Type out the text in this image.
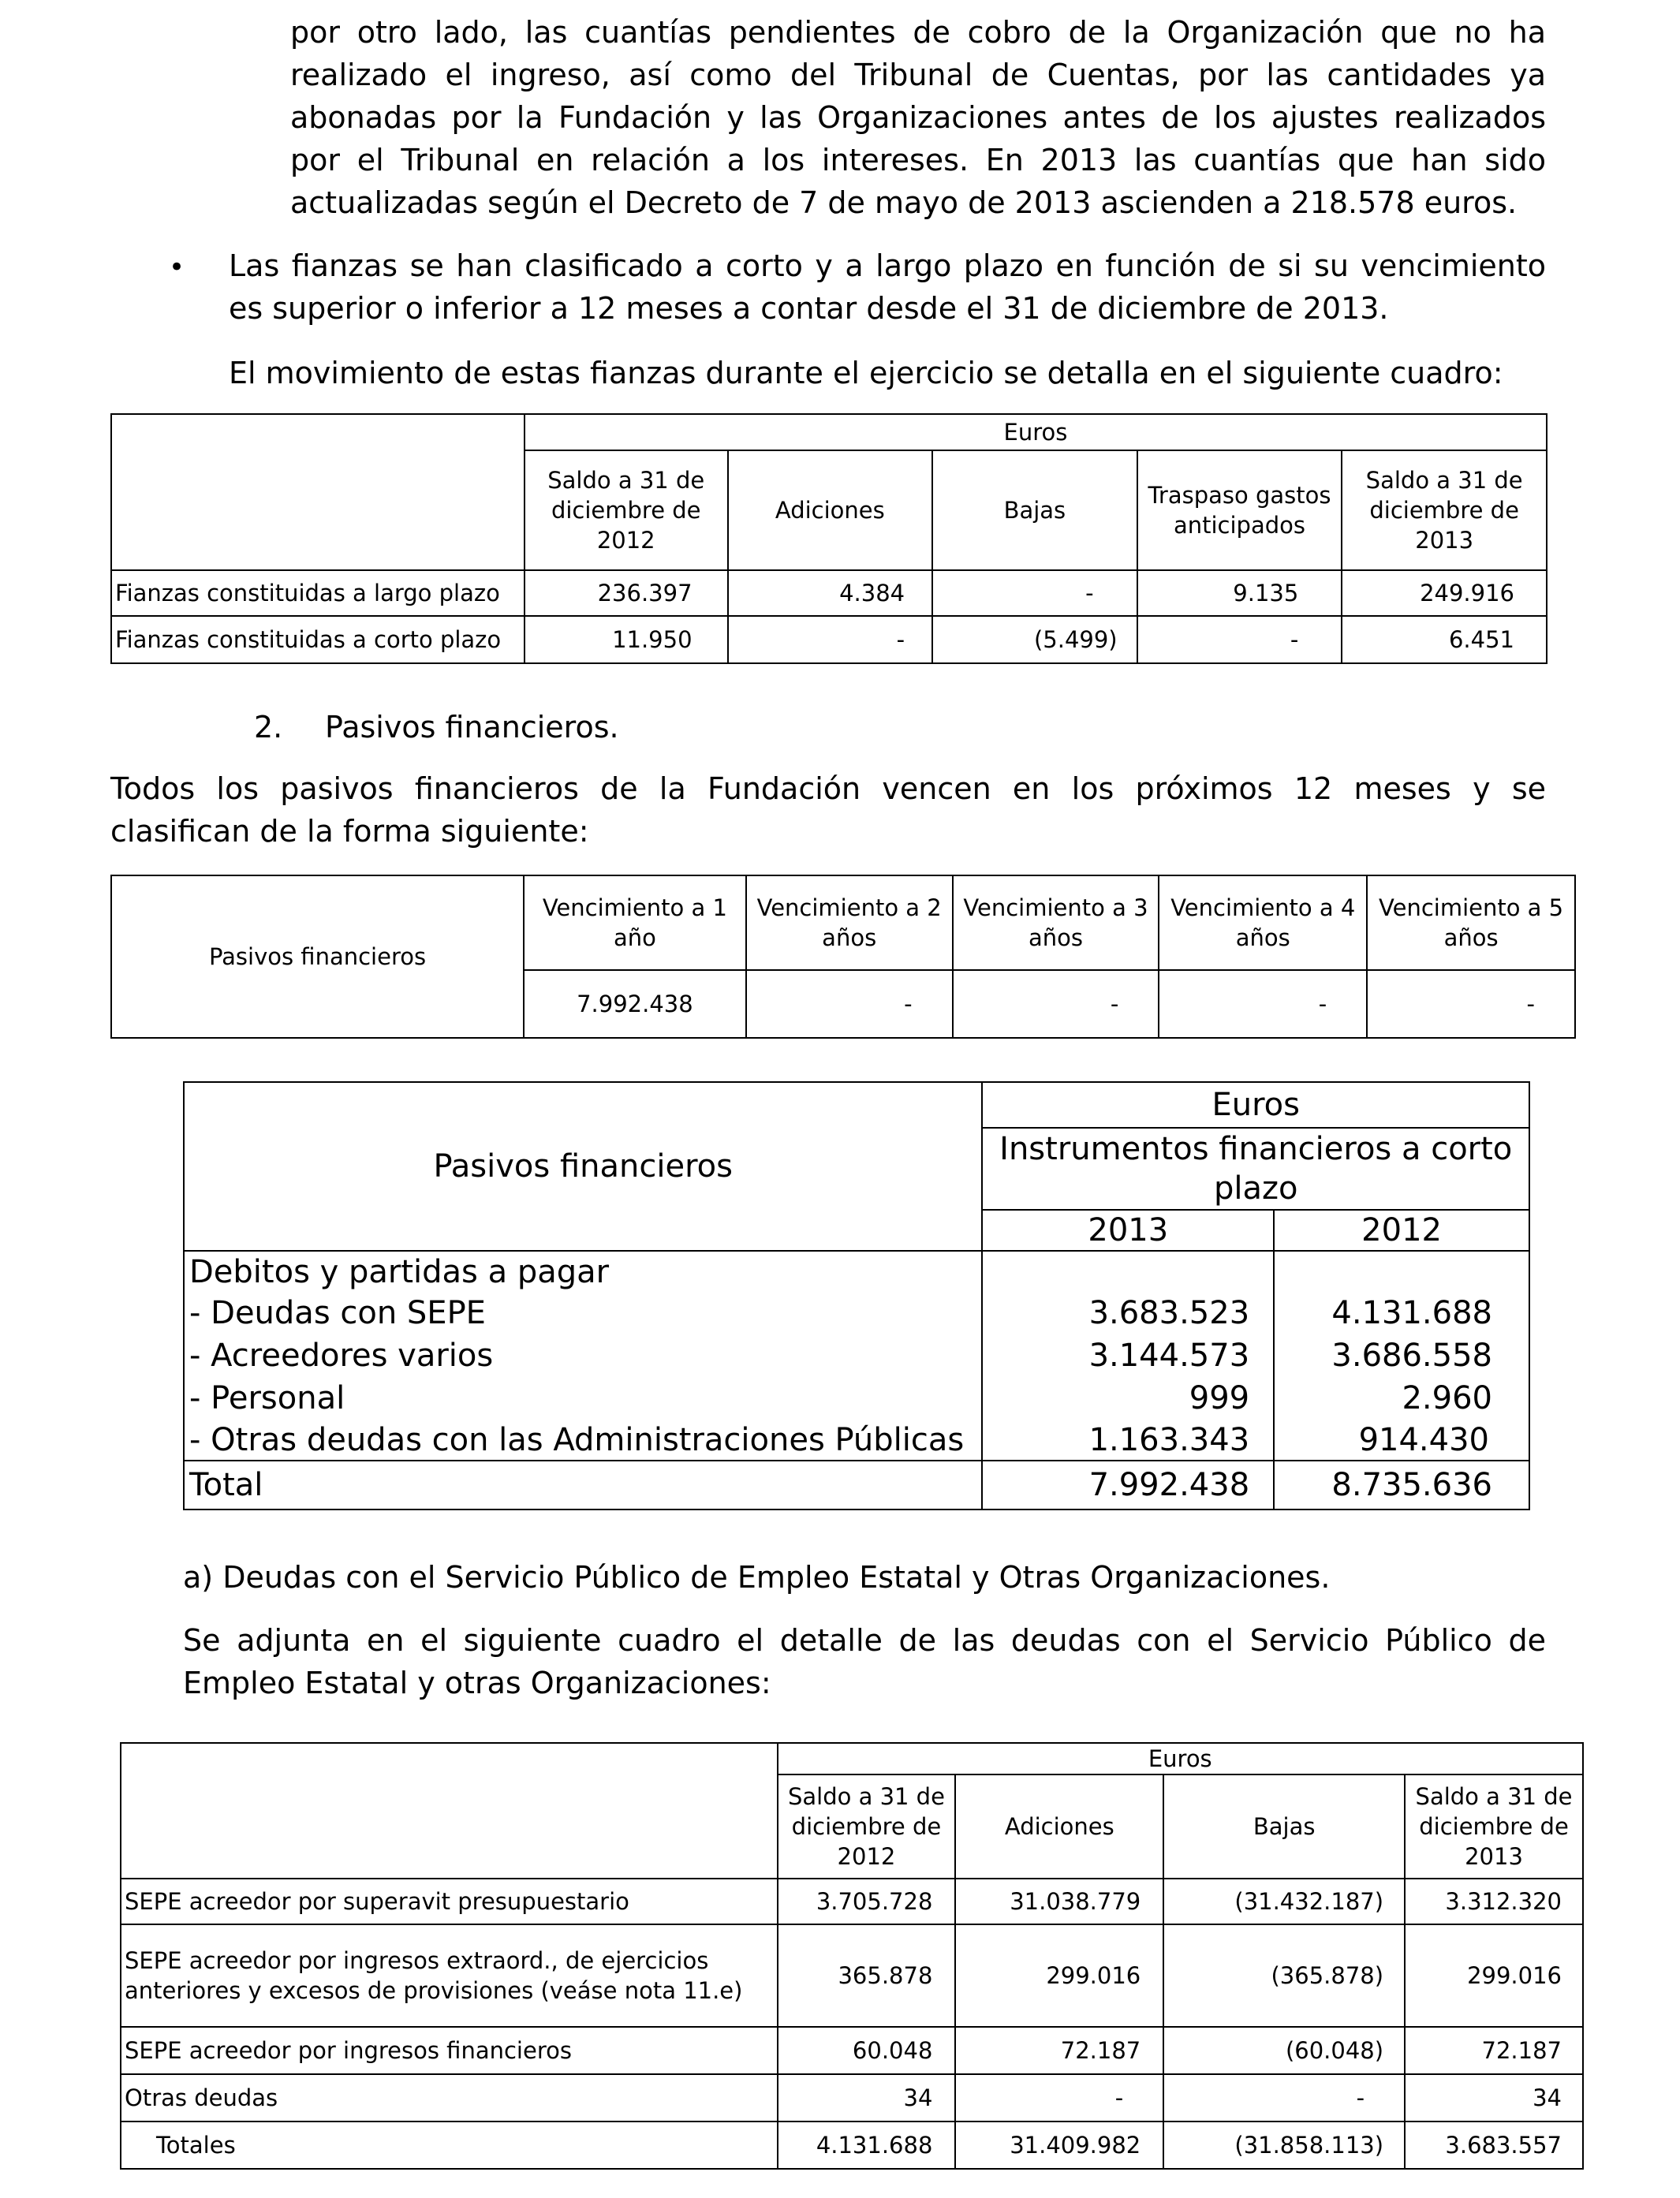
por otro lado, las cuantías pendientes de cobro de la Organización que no ha
realizado el ingreso, así como del Tribunal de Cuentas, por las cantidades ya
abonadas por la Fundación y las Organizaciones antes de los ajustes realizados
por el Tribunal en relación a los intereses. En 2013 las cuantías que han sido
actualizadas según el Decreto de 7 de mayo de 2013 ascienden a 218.578 euros.
• Las fianzas se han clasificado a corto y a largo plazo en función de si su vencimiento
es superior o inferior a 12 meses a contar desde el 31 de diciembre de 2013.
El movimiento de estas fianzas durante el ejercicio se detalla en el siguiente cuadro:
	Euros				
	Saldo a 31 de diciembre de 2012	Adiciones	Bajas	Traspaso gastos anticipados	Saldo a 31 de diciembre de 2013
Fianzas constituidas a largo plazo	236.397	4.384	-	9.135	249.916
Fianzas constituidas a corto plazo	11.950	-	(5.499)	-	6.451
2. Pasivos financieros.
Todos los pasivos financieros de la Fundación vencen en los próximos 12 meses y se
clasifican de la forma siguiente:
Pasivos financieros	Vencimiento a 1 año	Vencimiento a 2 años	Vencimiento a 3 años	Vencimiento a 4 años	Vencimiento a 5 años
	7.992.438	-	-	-	-
Pasivos financieros	Euros	
	Instrumentos financieros a corto plazo	
	2013	2012
Debitos y partidas a pagar		
- Deudas con SEPE	3.683.523	4.131.688
- Acreedores varios	3.144.573	3.686.558
- Personal	999	2.960
- Otras deudas con las Administraciones Públicas	1.163.343	914.430
Total	7.992.438	8.735.636
a) Deudas con el Servicio Público de Empleo Estatal y Otras Organizaciones.
Se adjunta en el siguiente cuadro el detalle de las deudas con el Servicio Público de
Empleo Estatal y otras Organizaciones:
	Euros			
	Saldo a 31 de diciembre de 2012	Adiciones	Bajas	Saldo a 31 de diciembre de 2013
SEPE acreedor por superavit presupuestario	3.705.728	31.038.779	(31.432.187)	3.312.320
SEPE acreedor por ingresos extraord., de ejercicios anteriores y excesos de provisiones (veáse nota 11.e)	365.878	299.016	(365.878)	299.016
SEPE acreedor por ingresos financieros	60.048	72.187	(60.048)	72.187
Otras deudas	34	-	-	34
Totales	4.131.688	31.409.982	(31.858.113)	3.683.557
